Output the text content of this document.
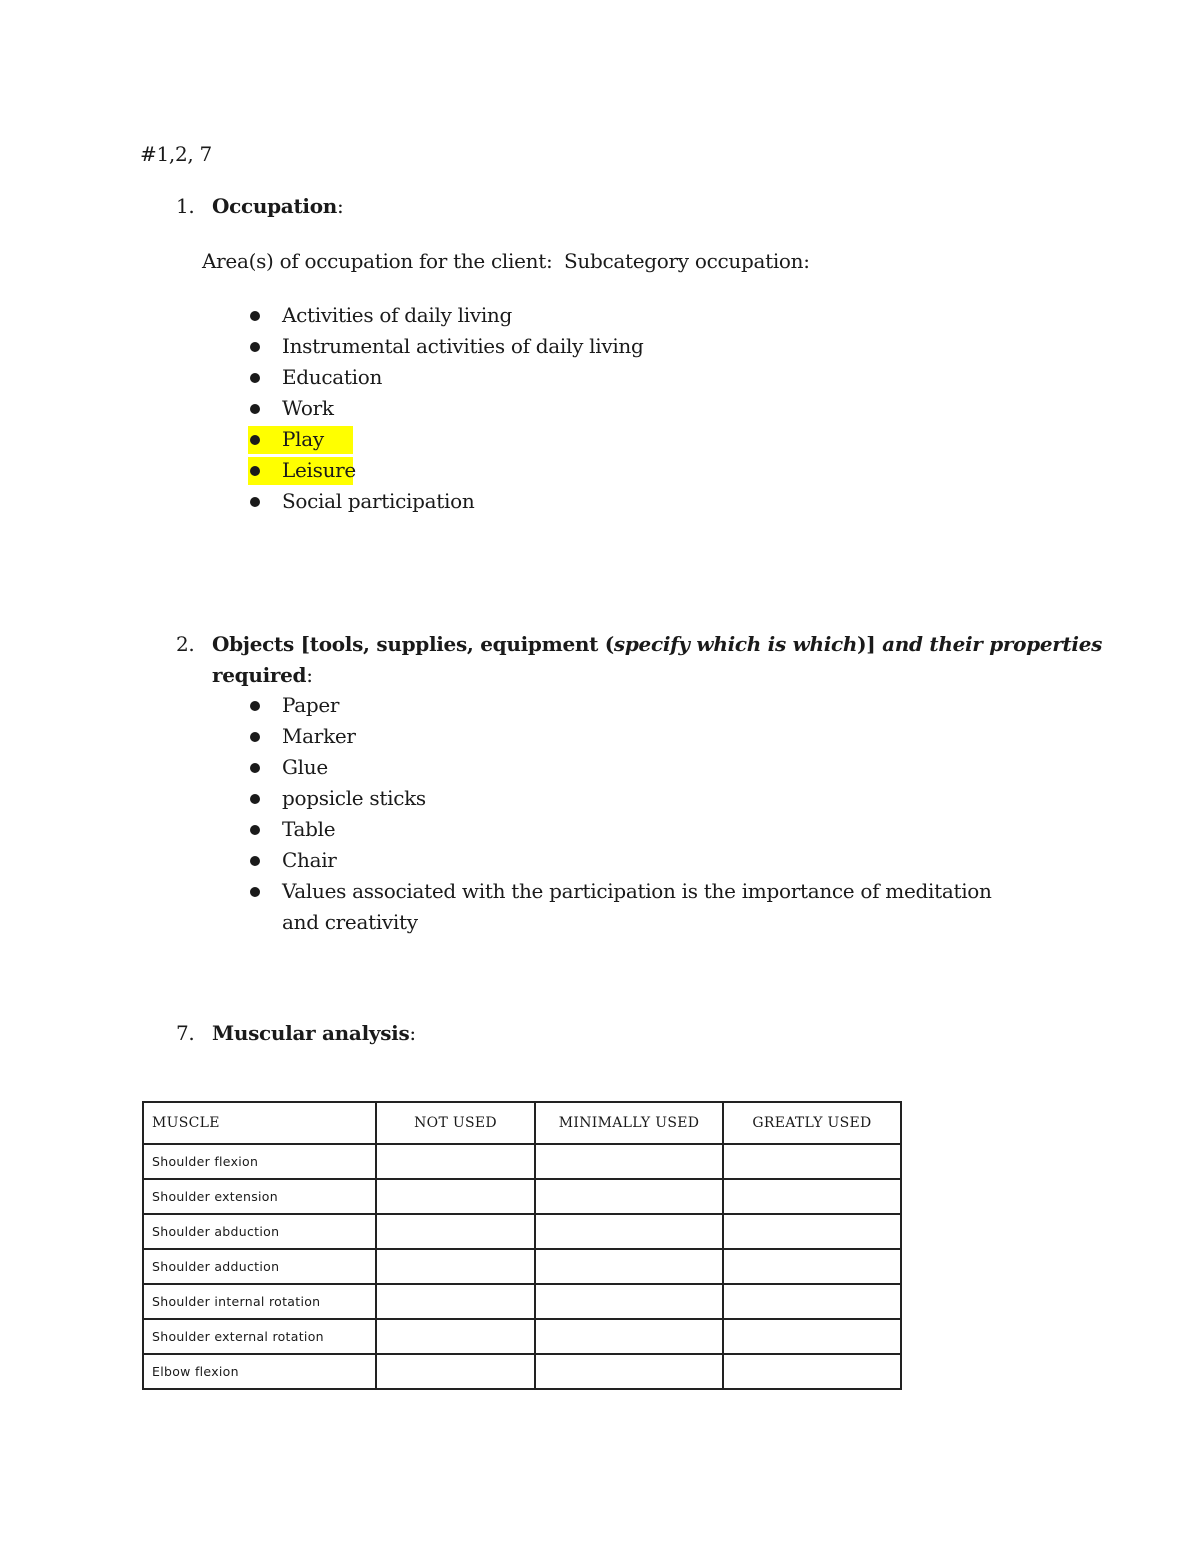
#1,2, 7
1. Occupation:
Area(s) of occupation for the client: Subcategory occupation:
Activities of daily living
Instrumental activities of daily living
Education
Work
Play
Leisure
Social participation
2. Objects [tools, supplies, equipment (specify which is which)] and their properties
required:
Paper
Marker
Glue
popsicle sticks
Table
Chair
Values associated with the participation is the importance of meditation and creativity
7. Muscular analysis:
MUSCLE	NOT USED	MINIMALLY USED	GREATLY USED
Shoulder flexion			
Shoulder extension			
Shoulder abduction			
Shoulder adduction			
Shoulder internal rotation			
Shoulder external rotation			
Elbow flexion			
